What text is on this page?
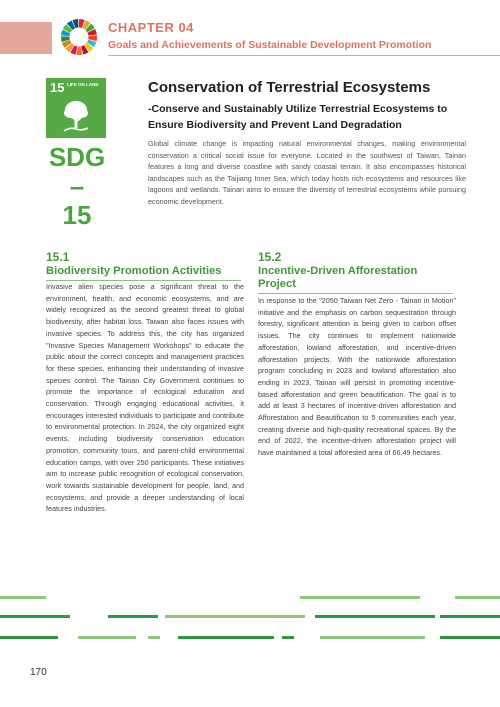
CHAPTER 04
Goals and Achievements of Sustainable Development Promotion
15 LIFE ON LAND
SDG
–
15
Conservation of Terrestrial Ecosystems
-Conserve and Sustainably Utilize Terrestrial Ecosystems to Ensure Biodiversity and Prevent Land Degradation
Global climate change is impacting natural environmental changes, making environmental conservation a critical social issue for everyone. Located in the southwest of Taiwan, Tainan features a long and diverse coastline with sandy coastal terrain. It also encompasses historical landscapes such as the Taijiang Inner Sea, which today hosts rich ecosystems and resources like lagoons and wetlands. Tainan aims to ensure the diversity of terrestrial ecosystems while pursuing economic development.
15.1
Biodiversity Promotion Activities
Invasive alien species pose a significant threat to the environment, health, and economic ecosystems, and are widely recognized as the second greatest threat to global biodiversity, after habitat loss. Taiwan also faces issues with invasive species. To address this, the city has organized "Invasive Species Management Workshops" to educate the public about the correct concepts and management practices for these species, enhancing their understanding of invasive species control. The Tainan City Government continues to promote the importance of ecological education and conservation. Through engaging educational activities, it encourages interested individuals to participate and contribute to environmental protection. In 2024, the city organized eight events, including biodiversity conservation education promotion, community tours, and parent-child environmental education camps, with over 250 participants. These initiatives aim to increase public recognition of ecological conservation, work towards sustainable development for people, land, and ecosystems, and provide a deeper understanding of local features industries.
15.2
Incentive-Driven Afforestation Project
In response to the "2050 Taiwan Net Zero - Tainan in Motion" initiative and the emphasis on carbon sequestration through forestry, significant attention is being given to carbon offset issues. The city continues to implement nationwide afforestation, lowland afforestation, and incentive-driven afforestation projects. With the nationwide afforestation program concluding in 2023 and lowland afforestation also ending in 2023, Tainan will persist in promoting incentive-based afforestation and green beautification. The goal is to add at least 3 hectares of incentive-driven afforestation and Afforestation and Beautification to 5 communities each year, creating diverse and high-quality recreational spaces. By the end of 2022, the incentive-driven afforestation project will have maintained a total afforested area of 66.49 hectares.
170
